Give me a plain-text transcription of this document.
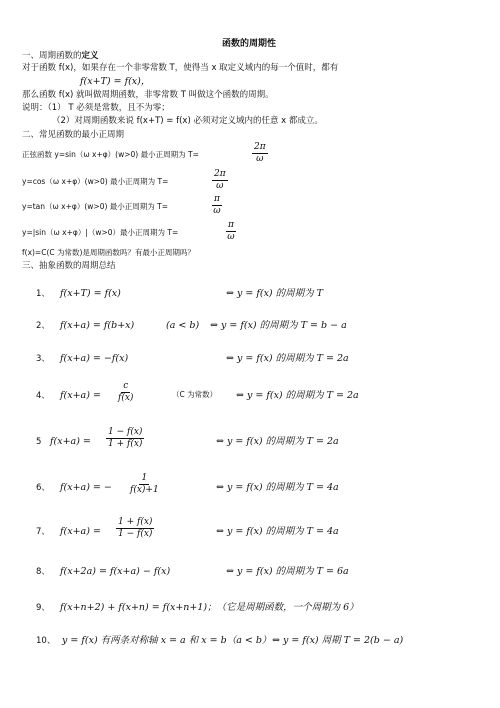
函数的周期性
一、周期函数的定义
对于函数 f(x)，如果存在一个非零常数 T，使得当 x 取定义域内的每一个值时，都有
f(x+T) = f(x)，
那么函数 f(x) 就叫做周期函数，非零常数 T 叫做这个函数的周期。
说明：（1） T 必须是常数，且不为零；
（2）对周期函数来说 f(x+T) = f(x) 必须对定义域内的任意 x 都成立。
二、常见函数的最小正周期
正弦函数 y=sin（ω x+φ）(w>0) 最小正周期为 T=	$\frac{2\pi}{\omega}$
y=cos（ω x+φ）(w>0) 最小正周期为 T=	$\frac{2\pi}{\omega}$
y=tan（ω x+φ）(w>0) 最小正周期为 T=	$\frac{\pi}{\omega}$
y=|sin（ω x+φ）|（w>0）最小正周期为 T=	$\frac{\pi}{\omega}$
f(x)=C(C 为常数)是周期函数吗？有最小正周期吗？
三、抽象函数的周期总结
1、 f(x+T) = f(x)	⇔ y = f(x) 的周期为 T
2、 f(x+a) = f(b+x)	(a < b) ⇔ y = f(x) 的周期为 T = b − a
3、 f(x+a) = −f(x)	⇔ y = f(x) 的周期为 T = 2a
4、 $f(x+a) = \frac{c}{f(x)}$	（C 为常数） ⇔ y = f(x) 的周期为 T = 2a
5 $f(x+a) = \frac{1 - f(x)}{1 + f(x)}$	⇔ y = f(x) 的周期为 T = 2a
6、 f(x+a) = − $\frac{1}{f(x)+1}$	⇔ y = f(x) 的周期为 T = 4a
7、 $f(x+a) = \frac{1 + f(x)}{1 - f(x)}$	⇔ y = f(x) 的周期为 T = 4a
8、 f(x+2a) = f(x+a) − f(x)	⇔ y = f(x) 的周期为 T = 6a
9、 f(x+n+2) + f(x+n) = f(x+n+1)；（它是周期函数，一个周期为 6）
10、 y = f(x) 有两条对称轴 x = a 和 x = b（a < b） ⇔ y = f(x) 周期 T = 2(b − a)
